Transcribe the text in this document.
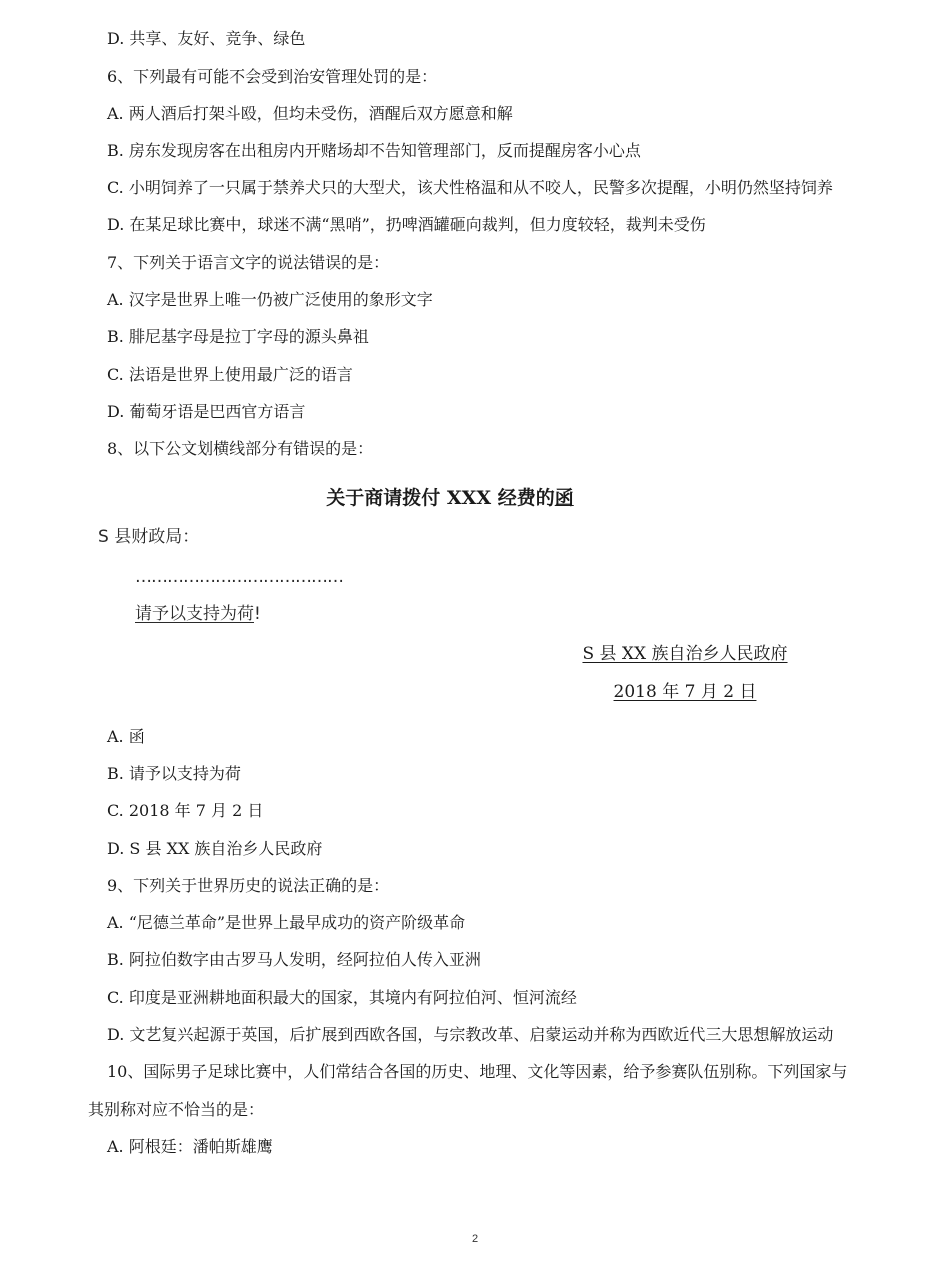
D. 共享、友好、竞争、绿色
6、下列最有可能不会受到治安管理处罚的是：
A. 两人酒后打架斗殴，但均未受伤，酒醒后双方愿意和解
B. 房东发现房客在出租房内开赌场却不告知管理部门，反而提醒房客小心点
C. 小明饲养了一只属于禁养犬只的大型犬，该犬性格温和从不咬人，民警多次提醒，小明仍然坚持饲养
D. 在某足球比赛中，球迷不满“黑哨”，扔啤酒罐砸向裁判，但力度较轻，裁判未受伤
7、下列关于语言文字的说法错误的是：
A. 汉字是世界上唯一仍被广泛使用的象形文字
B. 腓尼基字母是拉丁字母的源头鼻祖
C. 法语是世界上使用最广泛的语言
D. 葡萄牙语是巴西官方语言
8、以下公文划横线部分有错误的是：
关于商请拨付 XXX 经费的函
S 县财政局：
…………………………………
请予以支持为荷!
S 县 XX 族自治乡人民政府
2018 年 7 月 2 日
A. 函
B. 请予以支持为荷
C. 2018 年 7 月 2 日
D. S 县 XX 族自治乡人民政府
9、下列关于世界历史的说法正确的是：
A. “尼德兰革命”是世界上最早成功的资产阶级革命
B. 阿拉伯数字由古罗马人发明，经阿拉伯人传入亚洲
C. 印度是亚洲耕地面积最大的国家，其境内有阿拉伯河、恒河流经
D. 文艺复兴起源于英国，后扩展到西欧各国，与宗教改革、启蒙运动并称为西欧近代三大思想解放运动
10、国际男子足球比赛中，人们常结合各国的历史、地理、文化等因素，给予参赛队伍别称。下列国家与
其别称对应不恰当的是：
A. 阿根廷：潘帕斯雄鹰
2
